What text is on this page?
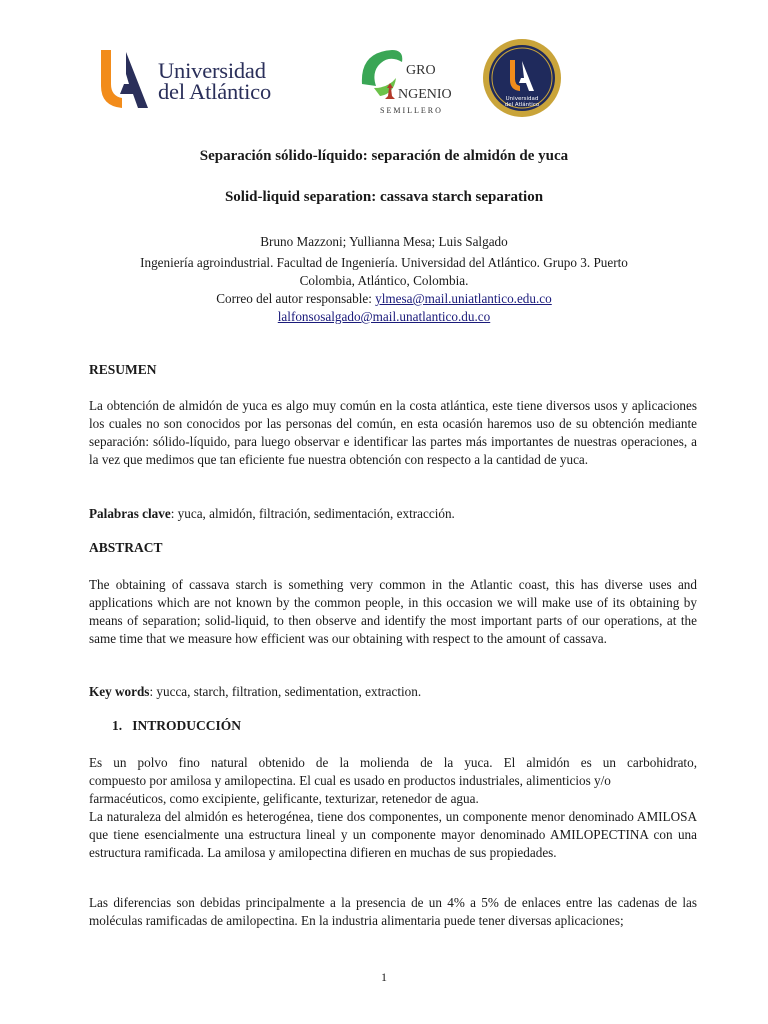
Universidad
del Atlántico
GRO
NGENIO
SEMILLERO
Universidad
del Atlántico
Separación sólido-líquido: separación de almidón de yuca
Solid-liquid separation: cassava starch separation
Bruno Mazzoni; Yullianna Mesa; Luis Salgado
Ingeniería agroindustrial. Facultad de Ingeniería. Universidad del Atlántico. Grupo 3. Puerto
Colombia, Atlántico, Colombia.
Correo del autor responsable: ylmesa@mail.uniatlantico.edu.co
lalfonsosalgado@mail.unatlantico.du.co
RESUMEN
La obtención de almidón de yuca es algo muy común en la costa atlántica, este tiene diversos usos y aplicaciones los cuales no son conocidos por las personas del común, en esta ocasión haremos uso de su obtención mediante separación: sólido-líquido, para luego observar e identificar las partes más importantes de nuestras operaciones, a la vez que medimos que tan eficiente fue nuestra obtención con respecto a la cantidad de yuca.
Palabras clave: yuca, almidón, filtración, sedimentación, extracción.
ABSTRACT
The obtaining of cassava starch is something very common in the Atlantic coast, this has diverse uses and applications which are not known by the common people, in this occasion we will make use of its obtaining by means of separation; solid-liquid, to then observe and identify the most important parts of our operations, at the same time that we measure how efficient was our obtaining with respect to the amount of cassava.
Key words: yucca, starch, filtration, sedimentation, extraction.
1. INTRODUCCIÓN
Es un polvo fino natural obtenido de la molienda de la yuca. El almidón es un carbohidrato,
compuesto por amilosa y amilopectina. El cual es usado en productos industriales, alimenticios y/o
farmacéuticos, como excipiente, gelificante, texturizar, retenedor de agua.
La naturaleza del almidón es heterogénea, tiene dos componentes, un componente menor denominado AMILOSA que tiene esencialmente una estructura lineal y un componente mayor denominado AMILOPECTINA con una estructura ramificada. La amilosa y amilopectina difieren en muchas de sus propiedades.
Las diferencias son debidas principalmente a la presencia de un 4% a 5% de enlaces entre las cadenas de las moléculas ramificadas de amilopectina. En la industria alimentaria puede tener diversas aplicaciones;
1
